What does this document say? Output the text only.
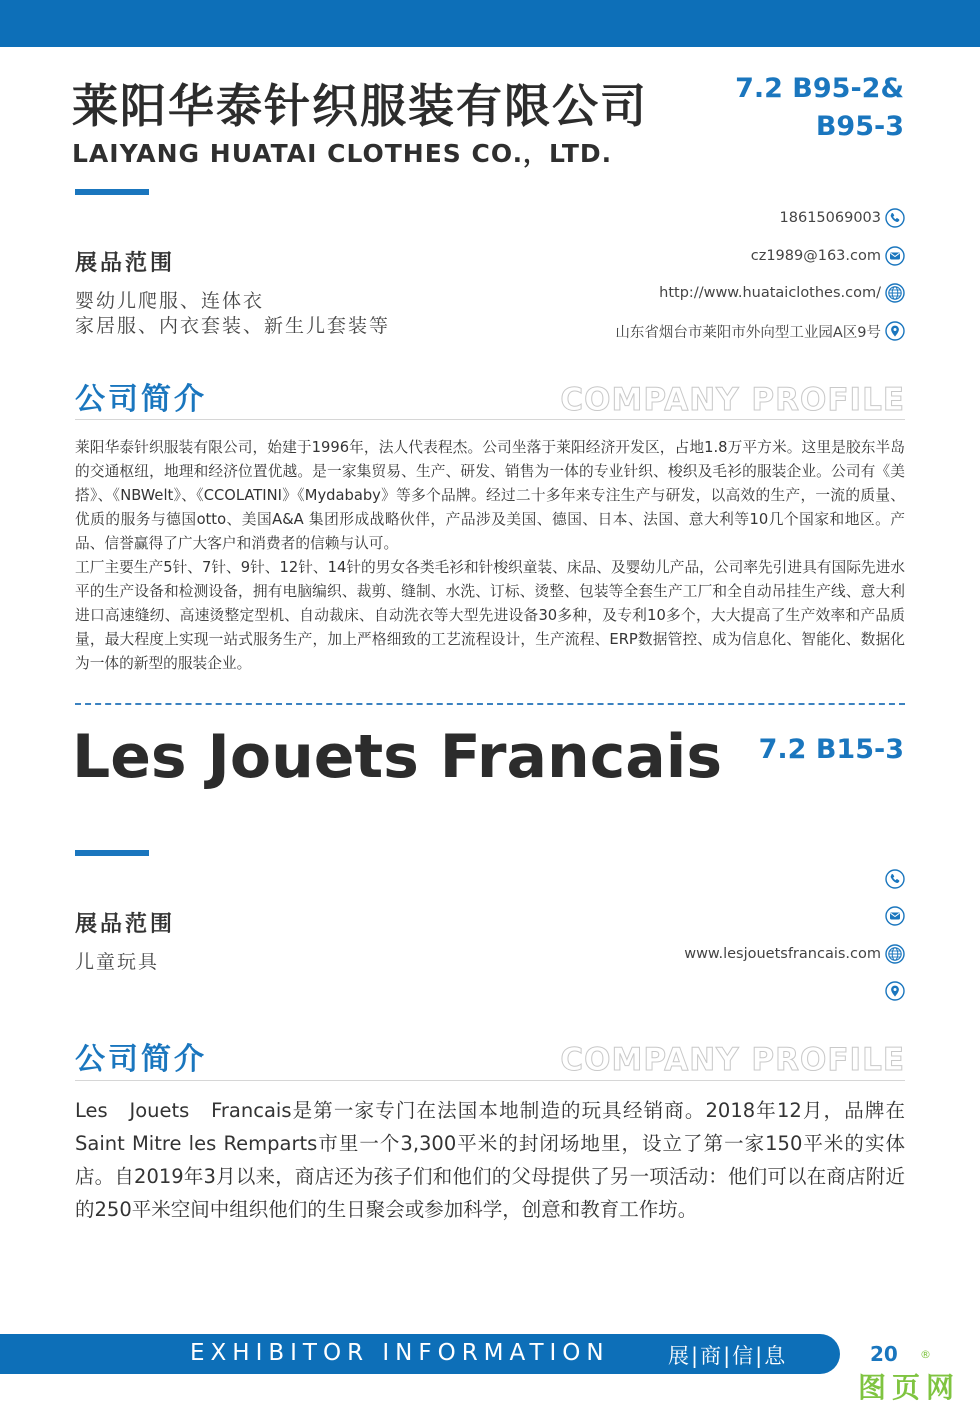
莱阳华泰针织服装有限公司
LAIYANG HUATAI CLOTHES CO.，LTD.
7.2 B95-2&
B95-3
展品范围
婴幼儿爬服、连体衣
家居服、内衣套装、新生儿套装等
18615069003
cz1989@163.com
http://www.huataiclothes.com/
山东省烟台市莱阳市外向型工业园A区9号
公司简介	COMPANY PROFILE

莱阳华泰针织服装有限公司，始建于1996年，法人代表程杰。公司坐落于莱阳经济开发区，占地1.8万平方米。这里是胶东半岛的交通枢纽，地理和经济位置优越。是一家集贸易、生产、研发、销售为一体的专业针织、梭织及毛衫的服装企业。公司有《美搭》、《NBWelt》、《CCOLATINI》《Mydababy》等多个品牌。经过二十多年来专注生产与研发，以高效的生产，一流的质量、优质的服务与德国otto、美国A&A 集团形成战略伙伴，产品涉及美国、德国、日本、法国、意大利等10几个国家和地区。产品、信誉赢得了广大客户和消费者的信赖与认可。

工厂主要生产5针、7针、9针、12针、14针的男女各类毛衫和针梭织童装、床品、及婴幼儿产品，公司率先引进具有国际先进水平的生产设备和检测设备，拥有电脑编织、裁剪、缝制、水洗、订标、烫整、包装等全套生产工厂和全自动吊挂生产线、意大利进口高速缝纫、高速烫整定型机、自动裁床、自动洗衣等大型先进设备30多种，及专利10多个，大大提高了生产效率和产品质量，最大程度上实现一站式服务生产，加上严格细致的工艺流程设计，生产流程、ERP数据管控、成为信息化、智能化、数据化为一体的新型的服装企业。

Les Jouets Francais 7.2 B15-3
展品范围
儿童玩具	www.lesjouetsfrancais.com
公司简介	COMPANY PROFILE
Les　Jouets　Francais是第一家专门在法国本地制造的玩具经销商。2018年12月，品牌在Saint Mitre les Remparts市里一个3,300平米的封闭场地里，设立了第一家150平米的实体店。自2019年3月以来，商店还为孩子们和他们的父母提供了另一项活动：他们可以在商店附近的250平米空间中组织他们的生日聚会或参加科学，创意和教育工作坊。
EXHIBITOR INFORMATION	展|商|信|息	20 ®
图页网
